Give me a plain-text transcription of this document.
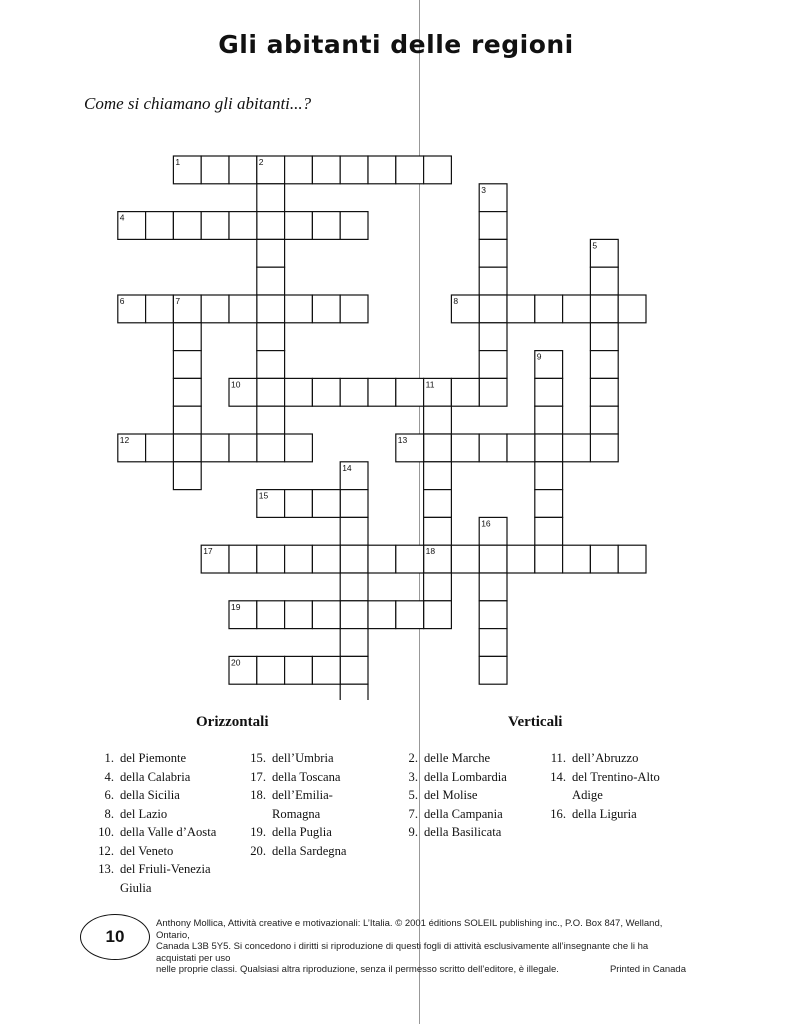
Gli abitanti delle regioni
Come si chiamano gli abitanti...?
1	2
3
4
5
6	7	8
9
10	11
12	13
14
15
16
17	18
19
20
Orizzontali	Verticali
1. del Piemonte
4. della Calabria
6. della Sicilia
8. del Lazio
10. della Valle d’Aosta
12. del Veneto
13. del Friuli-Venezia
Giulia
15. dell’Umbria
17. della Toscana
18. dell’Emilia-
Romagna
19. della Puglia
20. della Sardegna
2. delle Marche
3. della Lombardia
5. del Molise
7. della Campania
9. della Basilicata
11. dell’Abruzzo
14. del Trentino-Alto
Adige
16. della Liguria
10
Anthony Mollica, Attività creative e motivazionali: L’Italia. © 2001 éditions SOLEIL publishing inc., P.O. Box 847, Welland, Ontario,
Canada L3B 5Y5. Si concedono i diritti si riproduzione di questi fogli di attività esclusivamente all’insegnante che li ha acquistati per uso
nelle proprie classi. Qualsiasi altra riproduzione, senza il permesso scritto dell’editore, è illegale.	Printed in Canada
